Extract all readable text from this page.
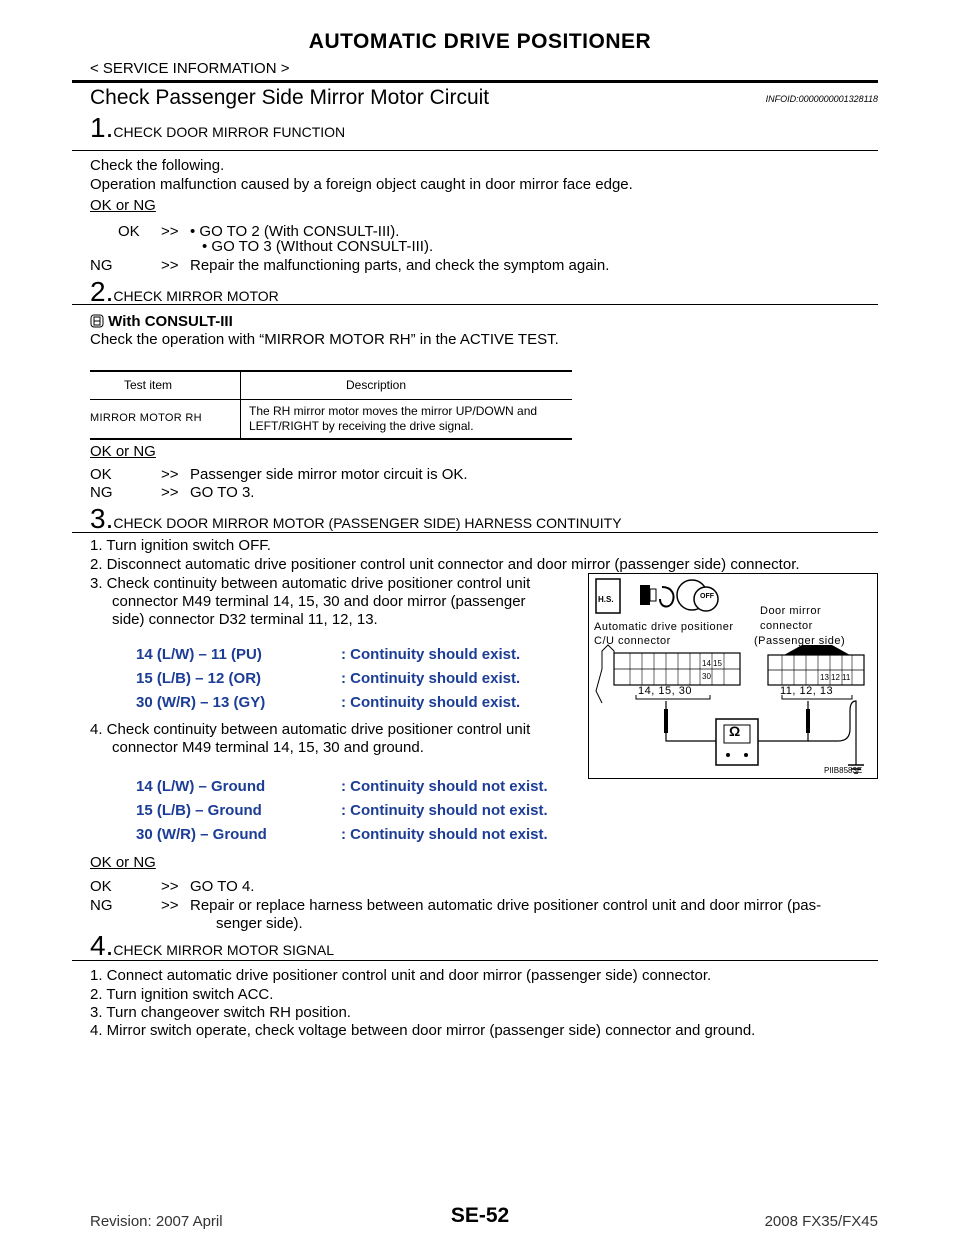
AUTOMATIC DRIVE POSITIONER
< SERVICE INFORMATION >
Check Passenger Side Mirror Motor Circuit	INFOID:0000000001328118
1.CHECK DOOR MIRROR FUNCTION
Check the following.
Operation malfunction caused by a foreign object caught in door mirror face edge.
OK or NG
OK >> • GO TO 2 (With CONSULT-III).
• GO TO 3 (WIthout CONSULT-III).
NG	>> Repair the malfunctioning parts, and check the symptom again.
2.CHECK MIRROR MOTOR
With CONSULT-III
Check the operation with “MIRROR MOTOR RH” in the ACTIVE TEST.
Test item	Description
MIRROR MOTOR RH	The RH mirror motor moves the mirror UP/DOWN and
LEFT/RIGHT by receiving the drive signal.
OK or NG
OK	>> Passenger side mirror motor circuit is OK.
NG	>> GO TO 3.
3.CHECK DOOR MIRROR MOTOR (PASSENGER SIDE) HARNESS CONTINUITY
1. Turn ignition switch OFF.
2. Disconnect automatic drive positioner control unit connector and door mirror (passenger side) connector.
3. Check continuity between automatic drive positioner control unit
connector M49 terminal 14, 15, 30 and door mirror (passenger
side) connector D32 terminal 11, 12, 13.
14 (L/W) – 11 (PU)	: Continuity should exist.
15 (L/B) – 12 (OR)	: Continuity should exist.
30 (W/R) – 13 (GY)	: Continuity should exist.
4. Check continuity between automatic drive positioner control unit
connector M49 terminal 14, 15, 30 and ground.
14 (L/W) – Ground	: Continuity should not exist.
15 (L/B) – Ground	: Continuity should not exist.
30 (W/R) – Ground	: Continuity should not exist.
OK or NG
OK	>> GO TO 4.
NG	>> Repair or replace harness between automatic drive positioner control unit and door mirror (pas-
senger side).
H.S.	OFF
Automatic drive positioner
C/U connector
Door mirror
connector
(Passenger side)
14 15
30	13 12 11
14, 15, 30	11, 12, 13
Ω
PIIB8583E
4.CHECK MIRROR MOTOR SIGNAL
1. Connect automatic drive positioner control unit and door mirror (passenger side) connector.
2. Turn ignition switch ACC.
3. Turn changeover switch RH position.
4. Mirror switch operate, check voltage between door mirror (passenger side) connector and ground.
SE-52
Revision: 2007 April	2008 FX35/FX45
